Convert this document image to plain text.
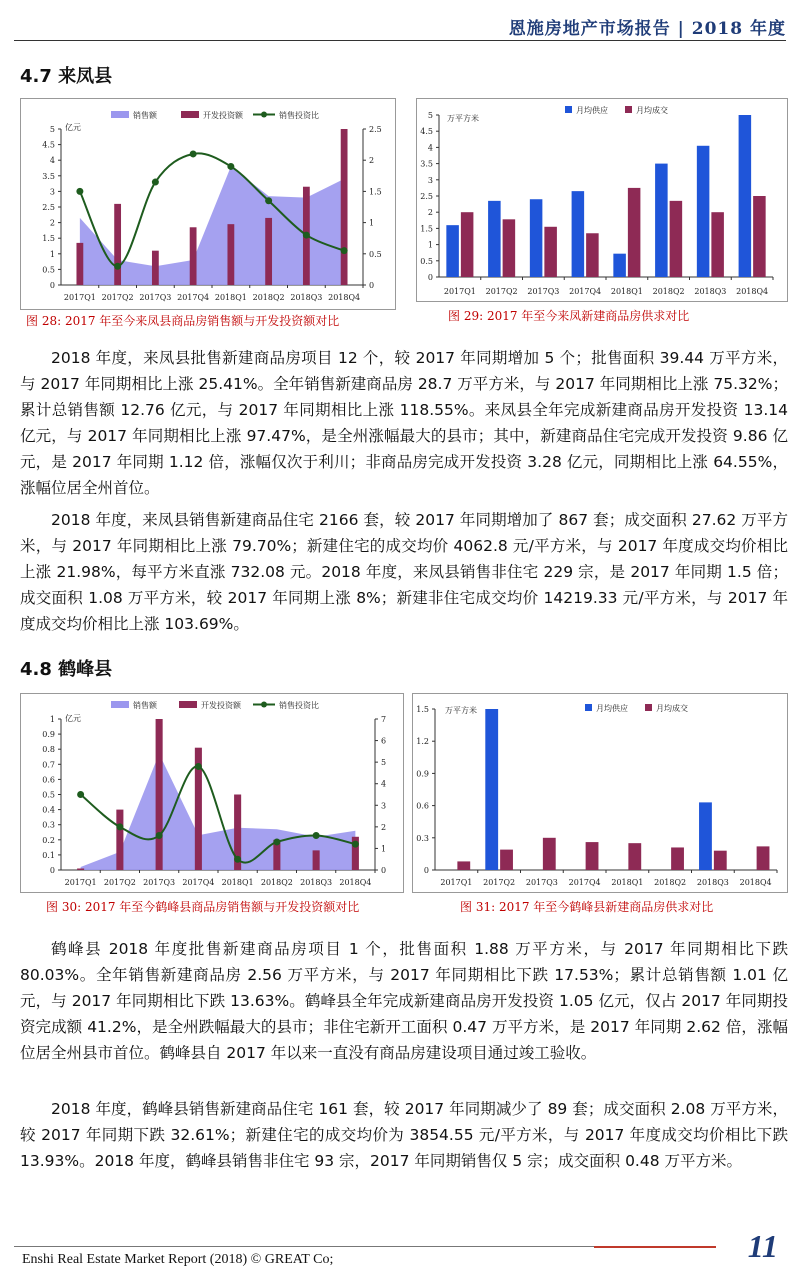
恩施房地产市场报告 | 2018 年度
4.7 来凤县
0
0.5
1
1.5
2
2.5
3
3.5
4
4.5
5
0
0.5
1
1.5
2
2.5
亿元
2017Q1 2017Q2 2017Q3 2017Q4 2018Q1 2018Q2 2018Q3 2018Q4
销售额	开发投资额	销售投资比
图 28: 2017 年至今来凤县商品房销售额与开发投资额对比
0
0.5
1
1.5
2
2.5
3
3.5
4
4.5
5 万平方米
2017Q1 2017Q2 2017Q3 2017Q4 2018Q1 2018Q2 2018Q3 2018Q4
月均供应	月均成交
图 29: 2017 年至今来凤新建商品房供求对比
2018 年度，来凤县批售新建商品房项目 12 个，较 2017 年同期增加 5 个；批售面积 39.44 万平方米，与 2017 年同期相比上涨 25.41%。全年销售新建商品房 28.7 万平方米，与 2017 年同期相比上涨 75.32%；累计总销售额 12.76 亿元，与 2017 年同期相比上涨 118.55%。来凤县全年完成新建商品房开发投资 13.14 亿元，与 2017 年同期相比上涨 97.47%，是全州涨幅最大的县市；其中，新建商品住宅完成开发投资 9.86 亿元，是 2017 年同期 1.12 倍，涨幅仅次于利川；非商品房完成开发投资 3.28 亿元，同期相比上涨 64.55%，涨幅位居全州首位。
2018 年度，来凤县销售新建商品住宅 2166 套，较 2017 年同期增加了 867 套；成交面积 27.62 万平方米，与 2017 年同期相比上涨 79.70%；新建住宅的成交均价 4062.8 元/平方米，与 2017 年度成交均价相比上涨 21.98%，每平方米直涨 732.08 元。2018 年度，来凤县销售非住宅 229 宗，是 2017 年同期 1.5 倍；成交面积 1.08 万平方米，较 2017 年同期上涨 8%；新建非住宅成交均价 14219.33 元/平方米，与 2017 年度成交均价相比上涨 103.69%。
4.8 鹤峰县
0
0.1
0.2
0.3
0.4
0.5
0.6
0.7
0.8
0.9
1
0
1
2
3
4
5
6
7
亿元
2017Q1 2017Q2 2017Q3 2017Q4 2018Q1 2018Q2 2018Q3 2018Q4
销售额	开发投资额	销售投资比
图 30: 2017 年至今鹤峰县商品房销售额与开发投资额对比
0
0.3
0.6
0.9
1.2
1.5 万平方米
2017Q1 2017Q2 2017Q3 2017Q4 2018Q1 2018Q2 2018Q3 2018Q4
月均供应	月均成交
图 31: 2017 年至今鹤峰县新建商品房供求对比
鹤峰县 2018 年度批售新建商品房项目 1 个，批售面积 1.88 万平方米，与 2017 年同期相比下跌 80.03%。全年销售新建商品房 2.56 万平方米，与 2017 年同期相比下跌 17.53%；累计总销售额 1.01 亿元，与 2017 年同期相比下跌 13.63%。鹤峰县全年完成新建商品房开发投资 1.05 亿元，仅占 2017 年同期投资完成额 41.2%，是全州跌幅最大的县市；非住宅新开工面积 0.47 万平方米，是 2017 年同期 2.62 倍，涨幅位居全州县市首位。鹤峰县自 2017 年以来一直没有商品房建设项目通过竣工验收。
2018 年度，鹤峰县销售新建商品住宅 161 套，较 2017 年同期减少了 89 套；成交面积 2.08 万平方米，较 2017 年同期下跌 32.61%；新建住宅的成交均价为 3854.55 元/平方米，与 2017 年度成交均价相比下跌 13.93%。2018 年度，鹤峰县销售非住宅 93 宗，2017 年同期销售仅 5 宗；成交面积 0.48 万平方米。
Enshi Real Estate Market Report (2018) © GREAT Co;	11
